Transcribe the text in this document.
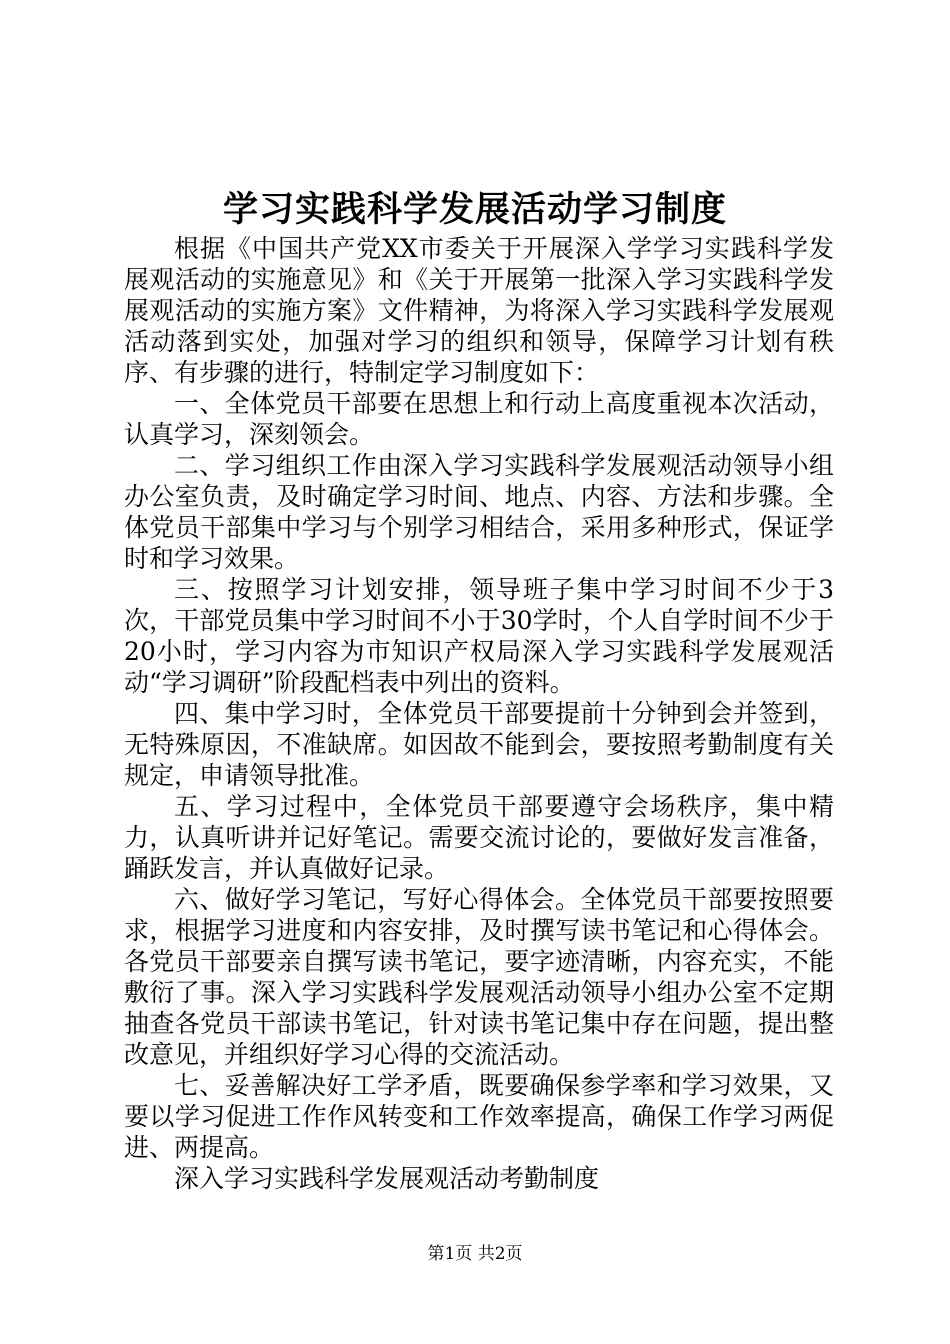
学习实践科学发展活动学习制度

根据《中国共产党XX市委关于开展深入学学习实践科学发展观活动的实施意见》和《关于开展第一批深入学习实践科学发展观活动的实施方案》文件精神，为将深入学习实践科学发展观活动落到实处，加强对学习的组织和领导，保障学习计划有秩序、有步骤的进行，特制定学习制度如下：

一、全体党员干部要在思想上和行动上高度重视本次活动，认真学习，深刻领会。

二、学习组织工作由深入学习实践科学发展观活动领导小组办公室负责，及时确定学习时间、地点、内容、方法和步骤。全体党员干部集中学习与个别学习相结合，采用多种形式，保证学时和学习效果。

三、按照学习计划安排，领导班子集中学习时间不少于3次，干部党员集中学习时间不小于30学时，个人自学时间不少于20小时，学习内容为市知识产权局深入学习实践科学发展观活动“学习调研”阶段配档表中列出的资料。

四、集中学习时，全体党员干部要提前十分钟到会并签到，无特殊原因，不准缺席。如因故不能到会，要按照考勤制度有关规定，申请领导批准。

五、学习过程中，全体党员干部要遵守会场秩序，集中精力，认真听讲并记好笔记。需要交流讨论的，要做好发言准备，踊跃发言，并认真做好记录。

六、做好学习笔记，写好心得体会。全体党员干部要按照要求，根据学习进度和内容安排，及时撰写读书笔记和心得体会。各党员干部要亲自撰写读书笔记，要字迹清晰，内容充实，不能敷衍了事。深入学习实践科学发展观活动领导小组办公室不定期抽查各党员干部读书笔记，针对读书笔记集中存在问题，提出整改意见，并组织好学习心得的交流活动。

七、妥善解决好工学矛盾，既要确保参学率和学习效果，又要以学习促进工作作风转变和工作效率提高，确保工作学习两促进、两提高。

深入学习实践科学发展观活动考勤制度

第1页 共2页
